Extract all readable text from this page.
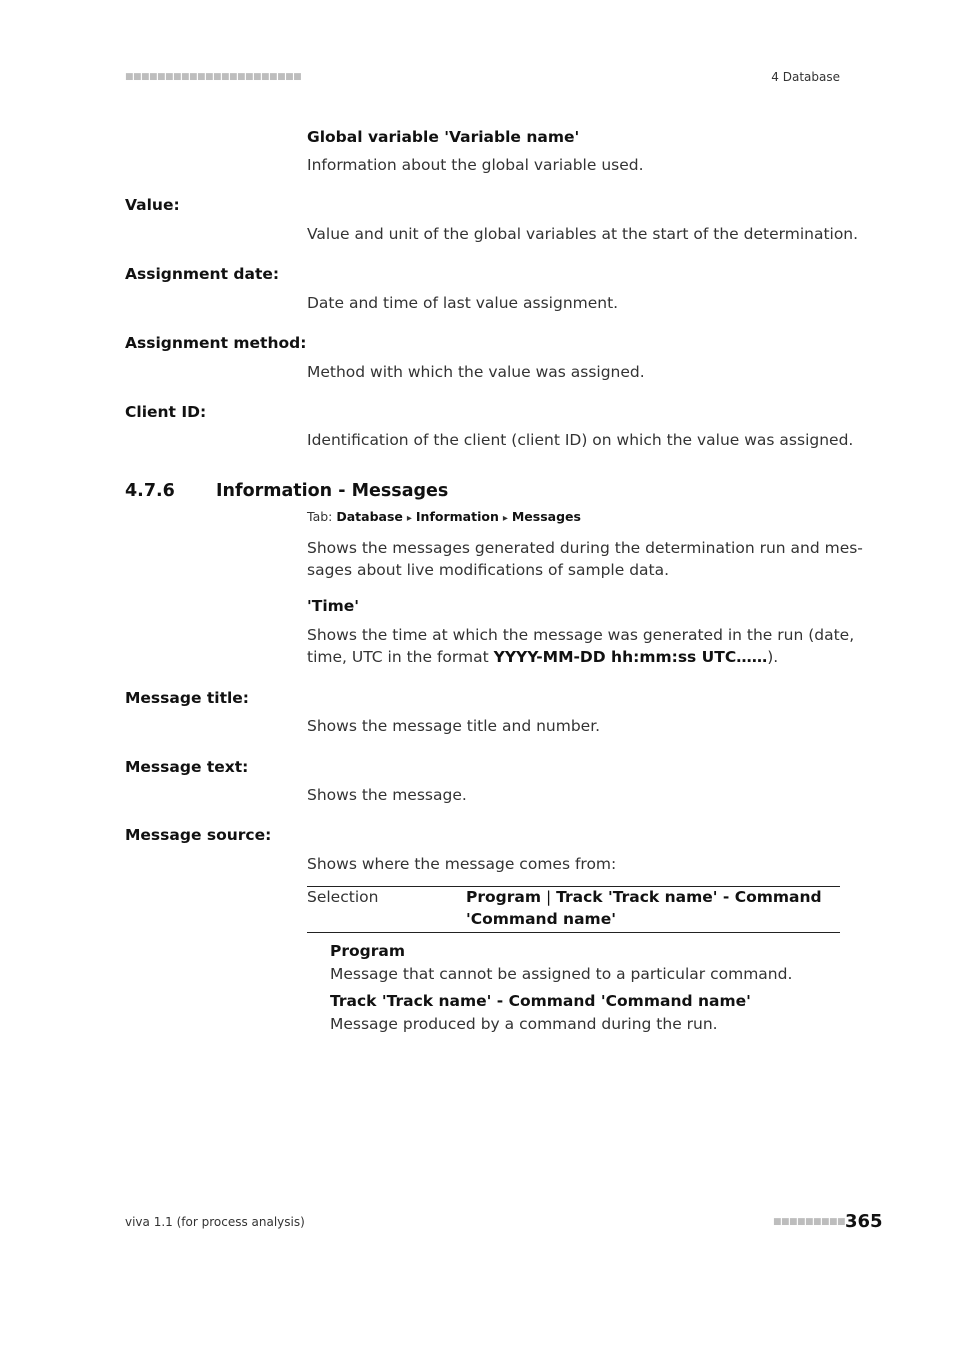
■■■■■■■■■■■■■■■■■■■■■■	4 Database
Global variable 'Variable name'
Information about the global variable used.
Value:
Value and unit of the global variables at the start of the determination.
Assignment date:
Date and time of last value assignment.
Assignment method:
Method with which the value was assigned.
Client ID:
Identification of the client (client ID) on which the value was assigned.
4.7.6 Information - Messages
Tab: Database ▸ Information ▸ Messages
Shows the messages generated during the determination run and mes-
sages about live modifications of sample data.
'Time'
Shows the time at which the message was generated in the run (date,
time, UTC in the format YYYY-MM-DD hh:mm:ss UTC……).
Message title:
Shows the message title and number.
Message text:
Shows the message.
Message source:
Shows where the message comes from:
Selection	Program | Track 'Track name' - Command
'Command name'
Program
Message that cannot be assigned to a particular command.
Track 'Track name' - Command 'Command name'
Message produced by a command during the run.
viva 1.1 (for process analysis)	■■■■■■■■■ 365
